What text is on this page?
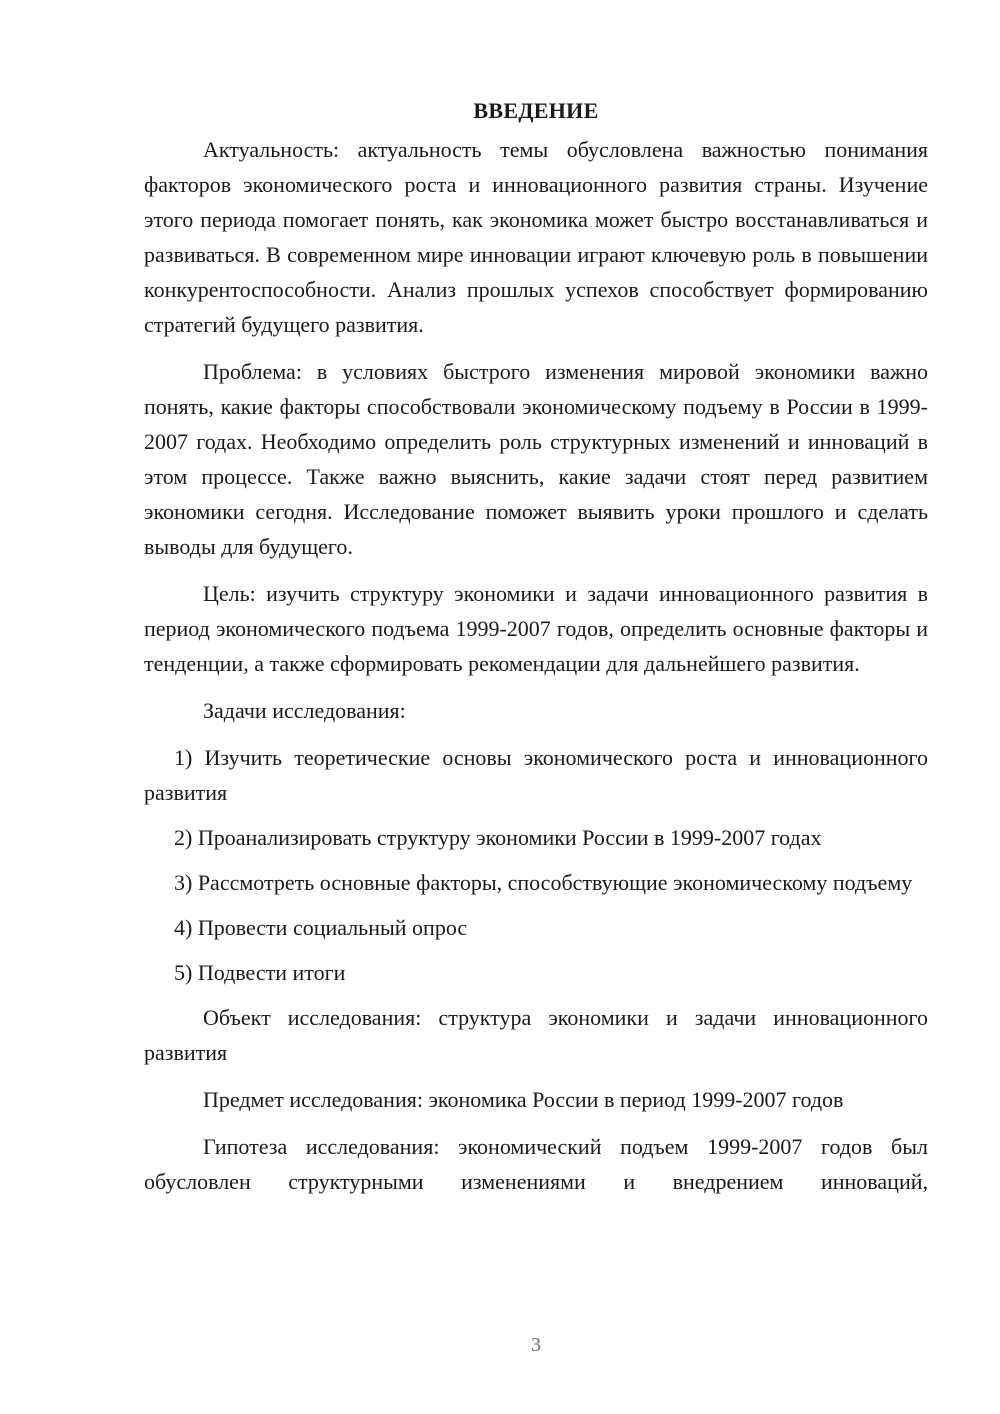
ВВЕДЕНИЕ

Актуальность: актуальность темы обусловлена важностью понимания факторов экономического роста и инновационного развития страны. Изучение этого периода помогает понять, как экономика может быстро восстанавливаться и развиваться. В современном мире инновации играют ключевую роль в повышении конкурентоспособности. Анализ прошлых успехов способствует формированию стратегий будущего развития.

Проблема: в условиях быстрого изменения мировой экономики важно понять, какие факторы способствовали экономическому подъему в России в 1999-2007 годах. Необходимо определить роль структурных изменений и инноваций в этом процессе. Также важно выяснить, какие задачи стоят перед развитием экономики сегодня. Исследование поможет выявить уроки прошлого и сделать выводы для будущего.

Цель: изучить структуру экономики и задачи инновационного развития в период экономического подъема 1999-2007 годов, определить основные факторы и тенденции, а также сформировать рекомендации для дальнейшего развития.

Задачи исследования:

1) Изучить теоретические основы экономического роста и инновационного развития

2) Проанализировать структуру экономики России в 1999-2007 годах

3) Рассмотреть основные факторы, способствующие экономическому подъему

4) Провести социальный опрос

5) Подвести итоги

Объект исследования: структура экономики и задачи инновационного развития

Предмет исследования: экономика России в период 1999-2007 годов

Гипотеза исследования: экономический подъем 1999-2007 годов был обусловлен структурными изменениями и внедрением инноваций,

3
